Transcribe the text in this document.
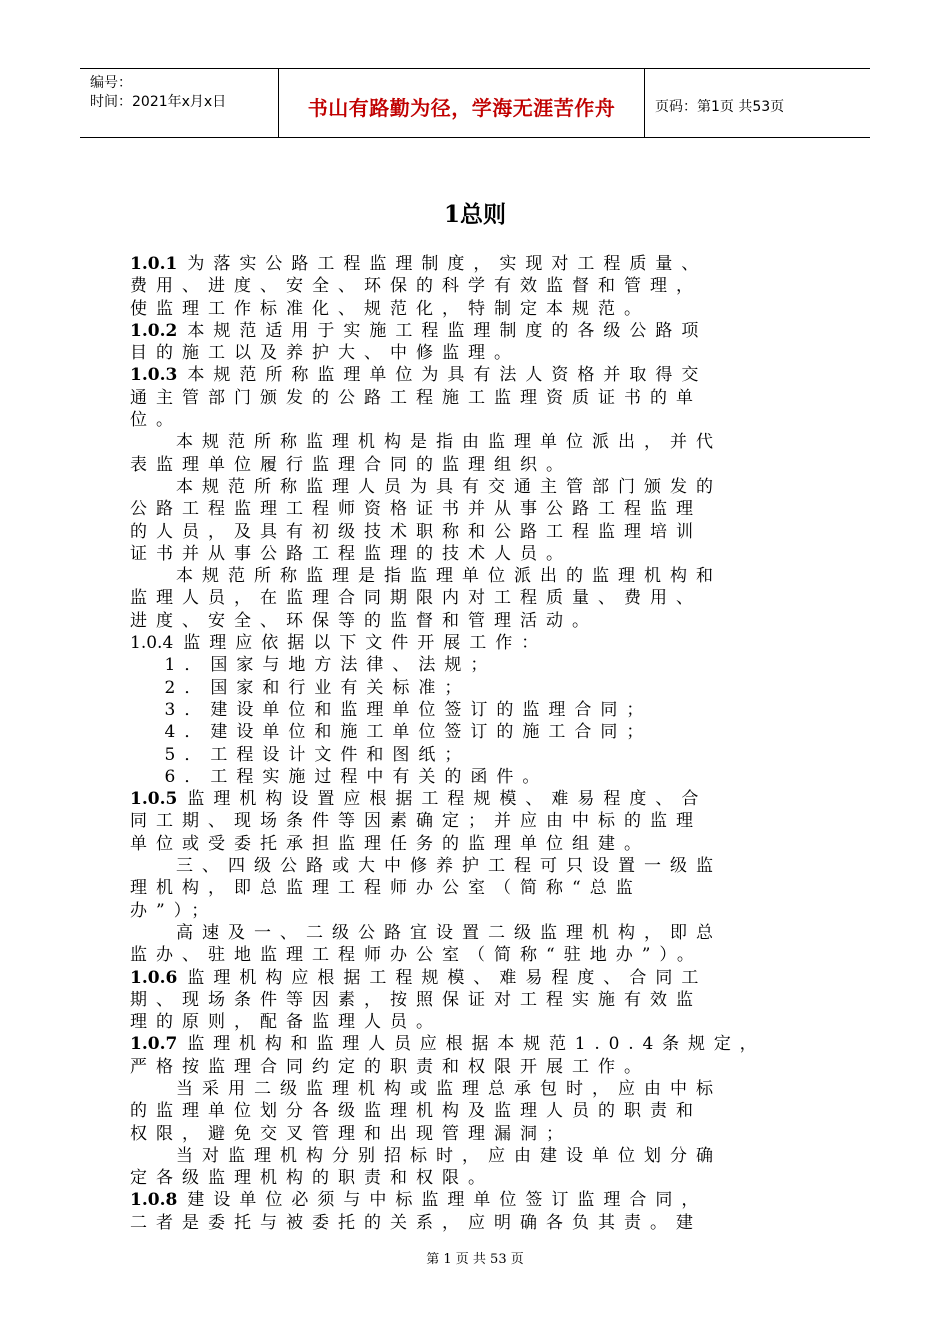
编号：
时间：2021年x月x日	书山有路勤为径，学海无涯苦作舟	页码：第1页 共53页
1总则
1.0.1 为落实公路工程监理制度，实现对工程质量、
费用、进度、安全、环保的科学有效监督和管理，
使监理工作标准化、规范化，特制定本规范。
1.0.2 本规范适用于实施工程监理制度的各级公路项
目的施工以及养护大、中修监理。
1.0.3 本规范所称监理单位为具有法人资格并取得交
通主管部门颁发的公路工程施工监理资质证书的单
位。
本规范所称监理机构是指由监理单位派出，并代
表监理单位履行监理合同的监理组织。
本规范所称监理人员为具有交通主管部门颁发的
公路工程监理工程师资格证书并从事公路工程监理
的人员，及具有初级技术职称和公路工程监理培训
证书并从事公路工程监理的技术人员。
本规范所称监理是指监理单位派出的监理机构和
监理人员，在监理合同期限内对工程质量、费用、
进度、安全、环保等的监督和管理活动。
1.0.4 监理应依据以下文件开展工作：
1．国家与地方法律、法规；
2．国家和行业有关标准；
3．建设单位和监理单位签订的监理合同；
4．建设单位和施工单位签订的施工合同；
5．工程设计文件和图纸；
6．工程实施过程中有关的函件。
1.0.5 监理机构设置应根据工程规模、难易程度、合
同工期、现场条件等因素确定；并应由中标的监理
单位或受委托承担监理任务的监理单位组建。
三、四级公路或大中修养护工程可只设置一级监
理机构，即总监理工程师办公室（简称“总监
办”）；
高速及一、二级公路宜设置二级监理机构，即总
监办、驻地监理工程师办公室（简称“驻地办”）。
1.0.6 监理机构应根据工程规模、难易程度、合同工
期、现场条件等因素，按照保证对工程实施有效监
理的原则，配备监理人员。
1.0.7 监理机构和监理人员应根据本规范1.0.4条规定，
严格按监理合同约定的职责和权限开展工作。
当采用二级监理机构或监理总承包时，应由中标
的监理单位划分各级监理机构及监理人员的职责和
权限，避免交叉管理和出现管理漏洞；
当对监理机构分别招标时，应由建设单位划分确
定各级监理机构的职责和权限。
1.0.8 建设单位必须与中标监理单位签订监理合同，
二者是委托与被委托的关系，应明确各负其责。建
第 1 页 共 53 页
